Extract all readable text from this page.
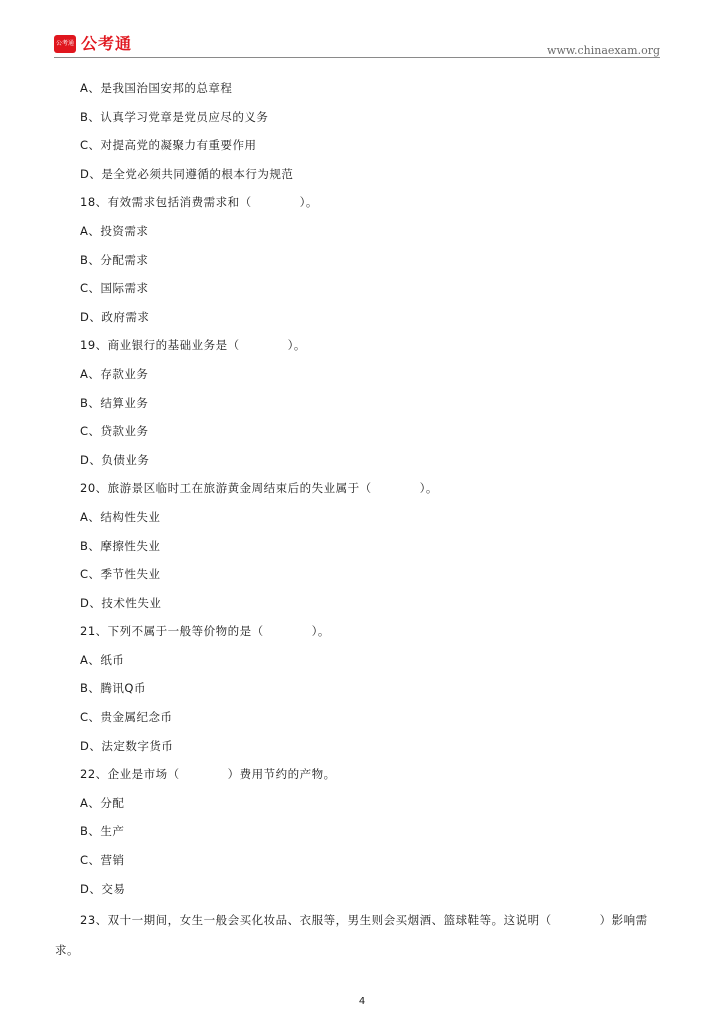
公考通 公考通	www.chinaexam.org
A、是我国治国安邦的总章程
B、认真学习党章是党员应尽的义务
C、对提高党的凝聚力有重要作用
D、是全党必须共同遵循的根本行为规范
18、有效需求包括消费需求和（　　　　）。
A、投资需求
B、分配需求
C、国际需求
D、政府需求
19、商业银行的基础业务是（　　　　）。
A、存款业务
B、结算业务
C、贷款业务
D、负债业务
20、旅游景区临时工在旅游黄金周结束后的失业属于（　　　　）。
A、结构性失业
B、摩擦性失业
C、季节性失业
D、技术性失业
21、下列不属于一般等价物的是（　　　　）。
A、纸币
B、腾讯Q币
C、贵金属纪念币
D、法定数字货币
22、企业是市场（　　　　）费用节约的产物。
A、分配
B、生产
C、营销
D、交易
23、双十一期间，女生一般会买化妆品、衣服等，男生则会买烟酒、篮球鞋等。这说明（　　　　）影响需求。
4
